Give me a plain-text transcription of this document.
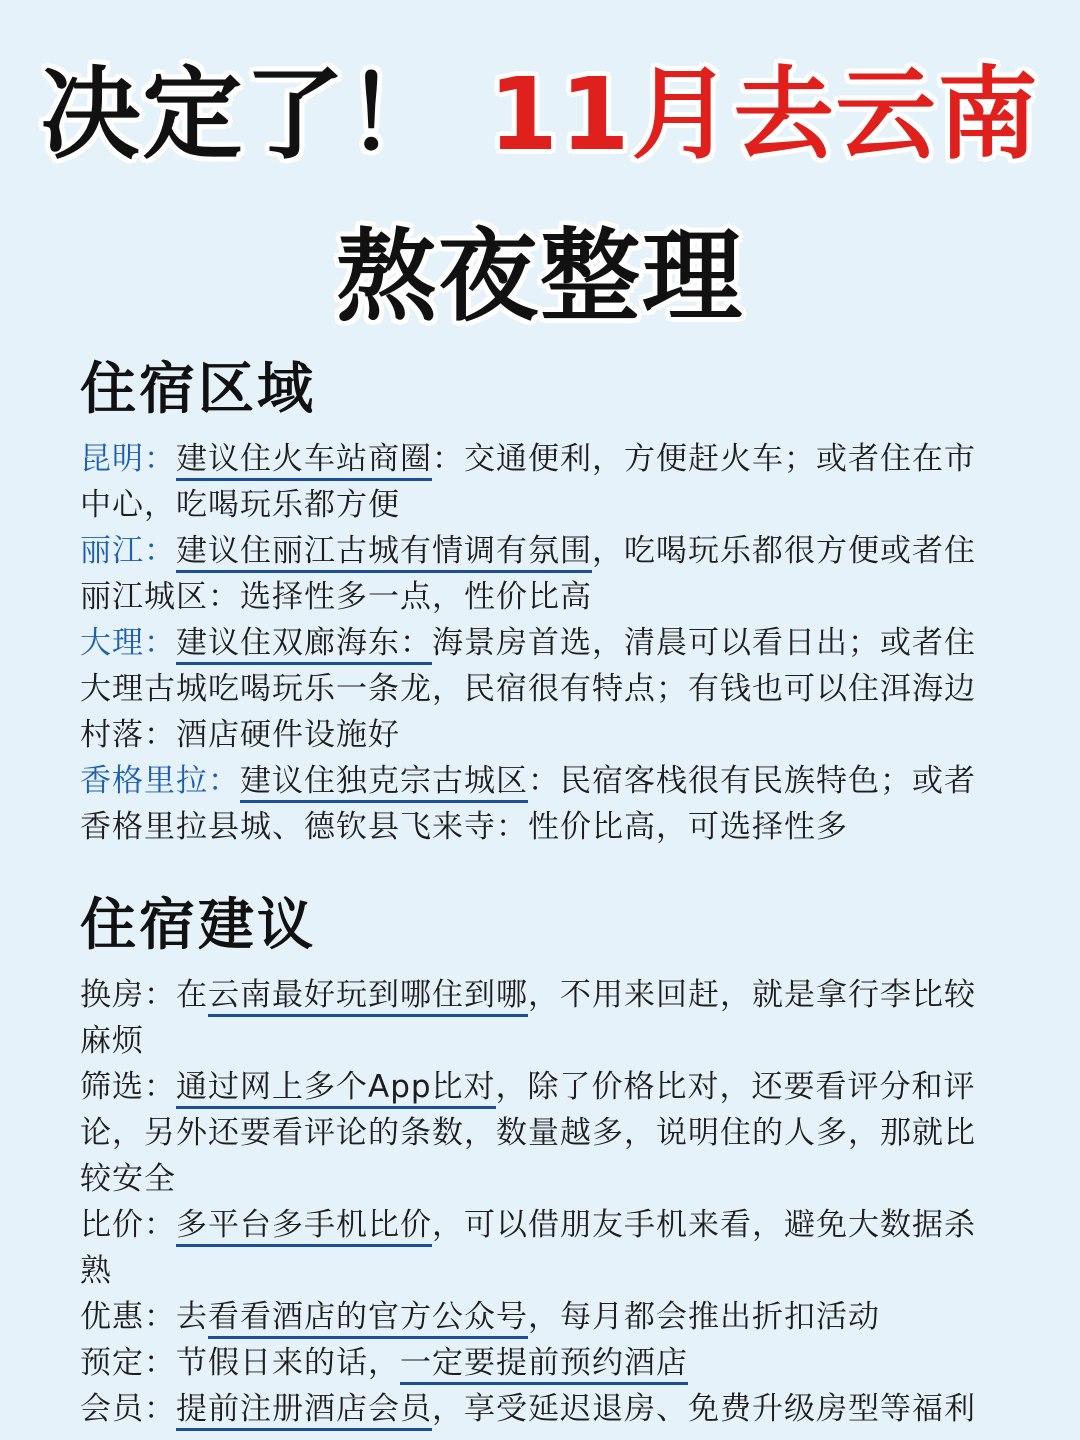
决定了！ 11月去云南
熬夜整理
住宿区域

昆明：建议住火车站商圈：交通便利，方便赶火车；或者住在市中心，吃喝玩乐都方便

丽江：建议住丽江古城有情调有氛围，吃喝玩乐都很方便或者住丽江城区：选择性多一点，性价比高

大理：建议住双廊海东：海景房首选，清晨可以看日出；或者住大理古城吃喝玩乐一条龙，民宿很有特点；有钱也可以住洱海边村落：酒店硬件设施好

香格里拉：建议住独克宗古城区：民宿客栈很有民族特色；或者香格里拉县城、德钦县飞来寺：性价比高，可选择性多

住宿建议

换房：在云南最好玩到哪住到哪，不用来回赶，就是拿行李比较麻烦

筛选：通过网上多个App比对，除了价格比对，还要看评分和评论，另外还要看评论的条数，数量越多，说明住的人多，那就比较安全

比价：多平台多手机比价，可以借朋友手机来看，避免大数据杀熟

优惠：去看看酒店的官方公众号，每月都会推出折扣活动

预定：节假日来的话，一定要提前预约酒店

会员：提前注册酒店会员，享受延迟退房、免费升级房型等福利
